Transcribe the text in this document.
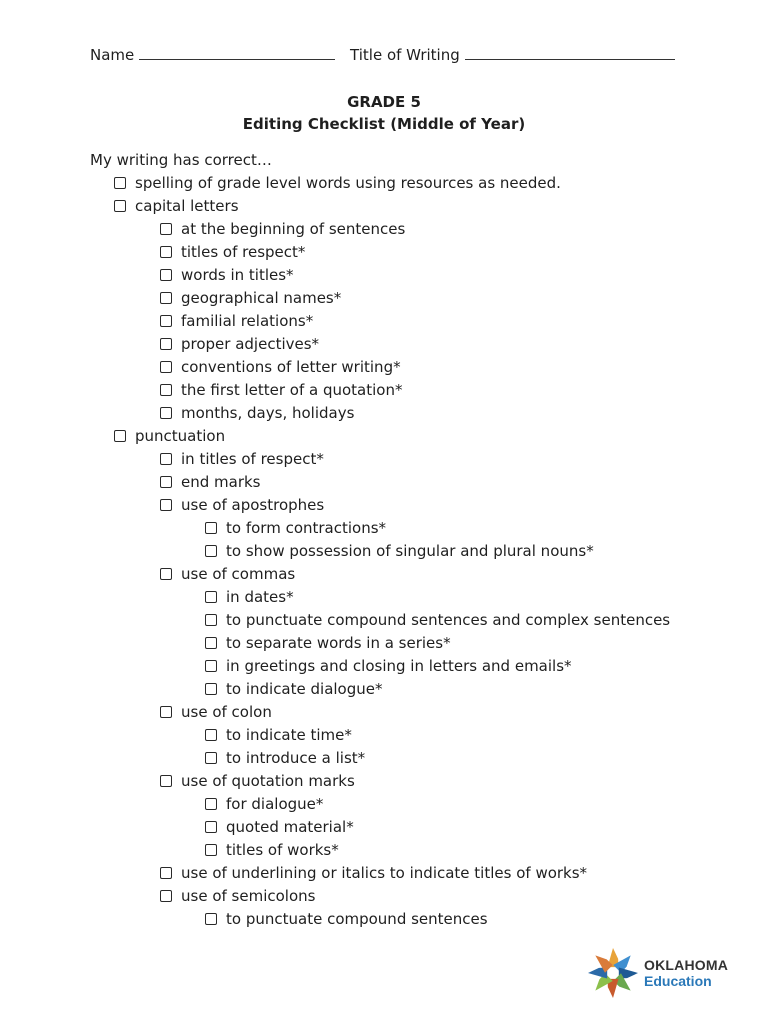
Name	Title of Writing
GRADE 5
Editing Checklist (Middle of Year)
My writing has correct…
spelling of grade level words using resources as needed.
capital letters
at the beginning of sentences
titles of respect*
words in titles*
geographical names*
familial relations*
proper adjectives*
conventions of letter writing*
the first letter of a quotation*
months, days, holidays
punctuation
in titles of respect*
end marks
use of apostrophes
to form contractions*
to show possession of singular and plural nouns*
use of commas
in dates*
to punctuate compound sentences and complex sentences
to separate words in a series*
in greetings and closing in letters and emails*
to indicate dialogue*
use of colon
to indicate time*
to introduce a list*
use of quotation marks
for dialogue*
quoted material*
titles of works*
use of underlining or italics to indicate titles of works*
use of semicolons
to punctuate compound sentences
OKLAHOMA
Education
